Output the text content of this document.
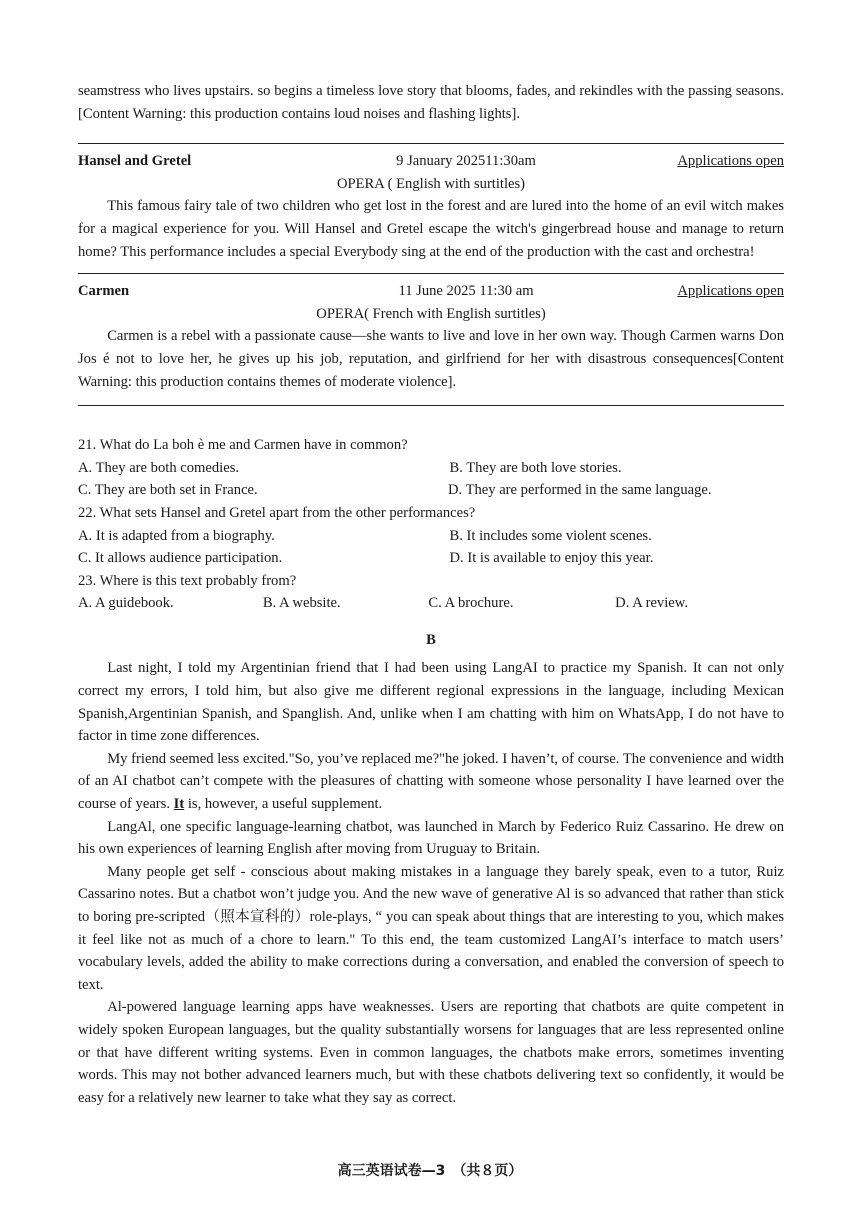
seamstress who lives upstairs. so begins a timeless love story that blooms, fades, and rekindles with the passing seasons. [Content Warning: this production contains loud noises and flashing lights].

Hansel and Gretel	9 January 202511:30am	Applications open
OPERA ( English with surtitles)

This famous fairy tale of two children who get lost in the forest and are lured into the home of an evil witch makes for a magical experience for you. Will Hansel and Gretel escape the witch's gingerbread house and manage to return home? This performance includes a special Everybody sing at the end of the production with the cast and orchestra!

Carmen	11 June 2025 11:30 am	Applications open
OPERA( French with English surtitles)

Carmen is a rebel with a passionate cause—she wants to live and love in her own way. Though Carmen warns Don Jos é not to love her, he gives up his job, reputation, and girlfriend for her with disastrous consequences[Content Warning: this production contains themes of moderate violence].

21. What do La boh è me and Carmen have in common?
A. They are both comedies.	B. They are both love stories.
C. They are both set in France.	D. They are performed in the same language.
22. What sets Hansel and Gretel apart from the other performances?
A. It is adapted from a biography.	B. It includes some violent scenes.
C. It allows audience participation.	D. It is available to enjoy this year.
23. Where is this text probably from?
A. A guidebook.	B. A website.	C. A brochure.	D. A review.
B

Last night, I told my Argentinian friend that I had been using LangAI to practice my Spanish. It can not only correct my errors, I told him, but also give me different regional expressions in the language, including Mexican Spanish,Argentinian Spanish, and Spanglish. And, unlike when I am chatting with him on WhatsApp, I do not have to factor in time zone differences.

My friend seemed less excited."So, you’ve replaced me?"he joked. I haven’t, of course. The convenience and width of an AI chatbot can’t compete with the pleasures of chatting with someone whose personality I have learned over the course of years. It is, however, a useful supplement.

LangAl, one specific language-learning chatbot, was launched in March by Federico Ruiz Cassarino. He drew on his own experiences of learning English after moving from Uruguay to Britain.

Many people get self - conscious about making mistakes in a language they barely speak, even to a tutor, Ruiz Cassarino notes. But a chatbot won’t judge you. And the new wave of generative Al is so advanced that rather than stick to boring pre-scripted（照本宣科的）role-plays, “ you can speak about things that are interesting to you, which makes it feel like not as much of a chore to learn." To this end, the team customized LangAI’s interface to match users’ vocabulary levels, added the ability to make corrections during a conversation, and enabled the conversion of speech to text.

Al-powered language learning apps have weaknesses. Users are reporting that chatbots are quite competent in widely spoken European languages, but the quality substantially worsens for languages that are less represented online or that have different writing systems. Even in common languages, the chatbots make errors, sometimes inventing words. This may not bother advanced learners much, but with these chatbots delivering text so confidently, it would be easy for a relatively new learner to take what they say as correct.

高三英语试卷—3　（共８页）
